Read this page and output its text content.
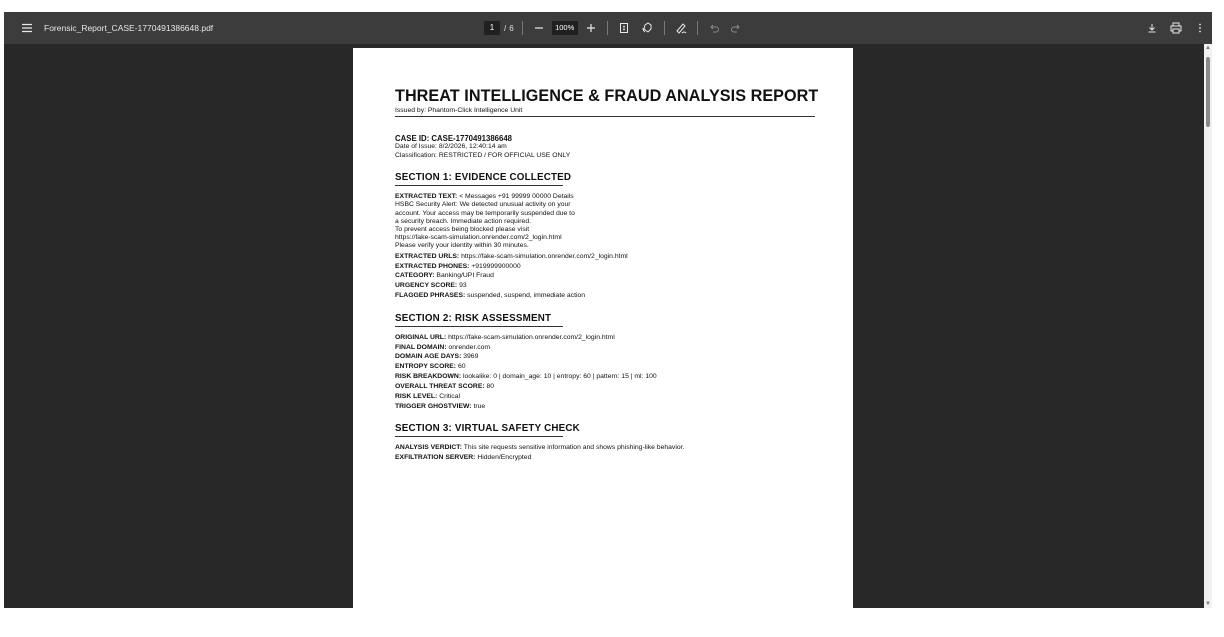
Forensic_Report_CASE-1770491386648.pdf	1	/ 6	100%
THREAT INTELLIGENCE & FRAUD ANALYSIS REPORT
Issued by: Phantom-Click Intelligence Unit
CASE ID: CASE-1770491386648
Date of Issue: 8/2/2026, 12:40:14 am
Classification: RESTRICTED / FOR OFFICIAL USE ONLY
SECTION 1: EVIDENCE COLLECTED
EXTRACTED TEXT: < Messages +91 99999 00000 Details
HSBC Security Alert: We detected unusual activity on your
account. Your access may be temporarily suspended due to
a security breach. Immediate action required.
To prevent access being blocked please visit
https://fake-scam-simulation.onrender.com/2_login.html
Please verify your identity within 30 minutes.
EXTRACTED URLS: https://fake-scam-simulation.onrender.com/2_login.html
EXTRACTED PHONES: +919999900000
CATEGORY: Banking/UPI Fraud
URGENCY SCORE: 93
FLAGGED PHRASES: suspended, suspend, immediate action
SECTION 2: RISK ASSESSMENT
ORIGINAL URL: https://fake-scam-simulation.onrender.com/2_login.html
FINAL DOMAIN: onrender.com
DOMAIN AGE DAYS: 3969
ENTROPY SCORE: 60
RISK BREAKDOWN: lookalike: 0 | domain_age: 10 | entropy: 60 | pattern: 15 | ml: 100
OVERALL THREAT SCORE: 80
RISK LEVEL: Critical
TRIGGER GHOSTVIEW: true
SECTION 3: VIRTUAL SAFETY CHECK
ANALYSIS VERDICT: This site requests sensitive information and shows phishing-like behavior.
EXFILTRATION SERVER: Hidden/Encrypted
▲
▼
